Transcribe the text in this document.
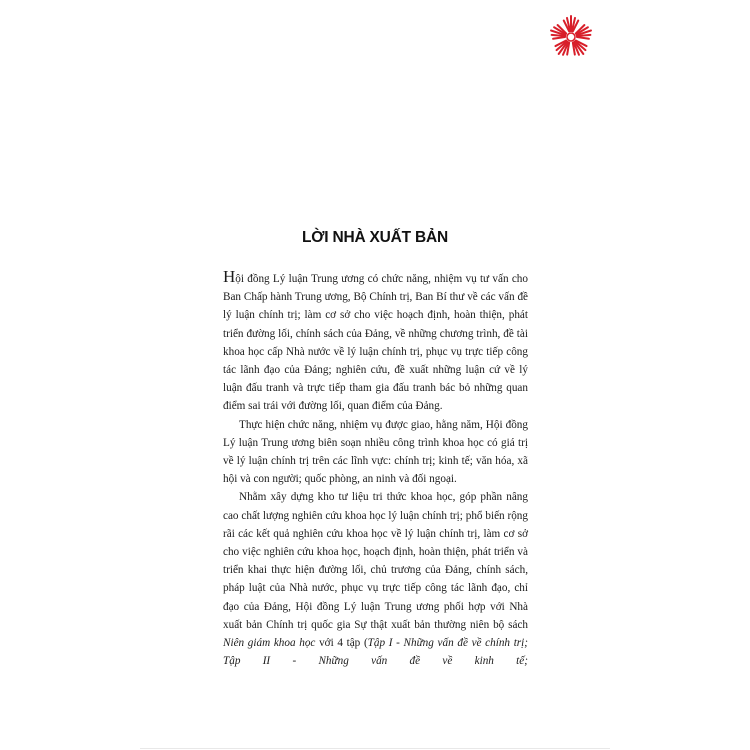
LỜI NHÀ XUẤT BẢN

Hội đồng Lý luận Trung ương có chức năng, nhiệm vụ tư vấn cho Ban Chấp hành Trung ương, Bộ Chính trị, Ban Bí thư về các vấn đề lý luận chính trị; làm cơ sở cho việc hoạch định, hoàn thiện, phát triển đường lối, chính sách của Đảng, về những chương trình, đề tài khoa học cấp Nhà nước về lý luận chính trị, phục vụ trực tiếp công tác lãnh đạo của Đảng; nghiên cứu, đề xuất những luận cứ về lý luận đấu tranh và trực tiếp tham gia đấu tranh bác bỏ những quan điểm sai trái với đường lối, quan điểm của Đảng.

Thực hiện chức năng, nhiệm vụ được giao, hằng năm, Hội đồng Lý luận Trung ương biên soạn nhiều công trình khoa học có giá trị về lý luận chính trị trên các lĩnh vực: chính trị; kinh tế; văn hóa, xã hội và con người; quốc phòng, an ninh và đối ngoại.

Nhằm xây dựng kho tư liệu tri thức khoa học, góp phần nâng cao chất lượng nghiên cứu khoa học lý luận chính trị; phổ biến rộng rãi các kết quả nghiên cứu khoa học về lý luận chính trị, làm cơ sở cho việc nghiên cứu khoa học, hoạch định, hoàn thiện, phát triển và triển khai thực hiện đường lối, chủ trương của Đảng, chính sách, pháp luật của Nhà nước, phục vụ trực tiếp công tác lãnh đạo, chỉ đạo của Đảng, Hội đồng Lý luận Trung ương phối hợp với Nhà xuất bản Chính trị quốc gia Sự thật xuất bản thường niên bộ sách Niên giám khoa học với 4 tập (Tập I - Những vấn đề về chính trị; Tập II - Những vấn đề về kinh tế;
